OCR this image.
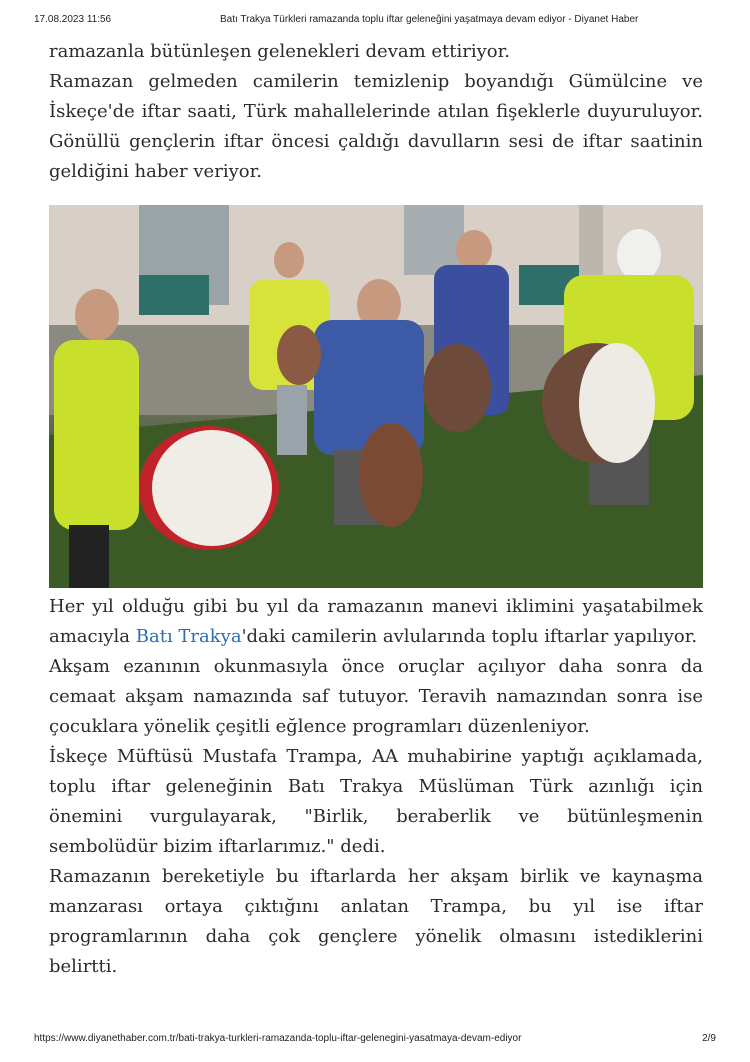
17.08.2023 11:56	Batı Trakya Türkleri ramazanda toplu iftar geleneğini yaşatmaya devam ediyor - Diyanet Haber

ramazanla bütünleşen gelenekleri devam ettiriyor.

Ramazan gelmeden camilerin temizlenip boyandığı Gümülcine ve İskeçe'de iftar saati, Türk mahallelerinde atılan fişeklerle duyuruluyor. Gönüllü gençlerin iftar öncesi çaldığı davulların sesi de iftar saatinin geldiğini haber veriyor.

Her yıl olduğu gibi bu yıl da ramazanın manevi iklimini yaşatabilmek amacıyla Batı Trakya'daki camilerin avlularında toplu iftarlar yapılıyor.

Akşam ezanının okunmasıyla önce oruçlar açılıyor daha sonra da cemaat akşam namazında saf tutuyor. Teravih namazından sonra ise çocuklara yönelik çeşitli eğlence programları düzenleniyor.

İskeçe Müftüsü Mustafa Trampa, AA muhabirine yaptığı açıklamada, toplu iftar geleneğinin Batı Trakya Müslüman Türk azınlığı için önemini vurgulayarak, "Birlik, beraberlik ve bütünleşmenin sembolüdür bizim iftarlarımız." dedi.

Ramazanın bereketiyle bu iftarlarda her akşam birlik ve kaynaşma manzarası ortaya çıktığını anlatan Trampa, bu yıl ise iftar programlarının daha çok gençlere yönelik olmasını istediklerini belirtti.

https://www.diyanethaber.com.tr/bati-trakya-turkleri-ramazanda-toplu-iftar-gelenegini-yasatmaya-devam-ediyor	2/9
